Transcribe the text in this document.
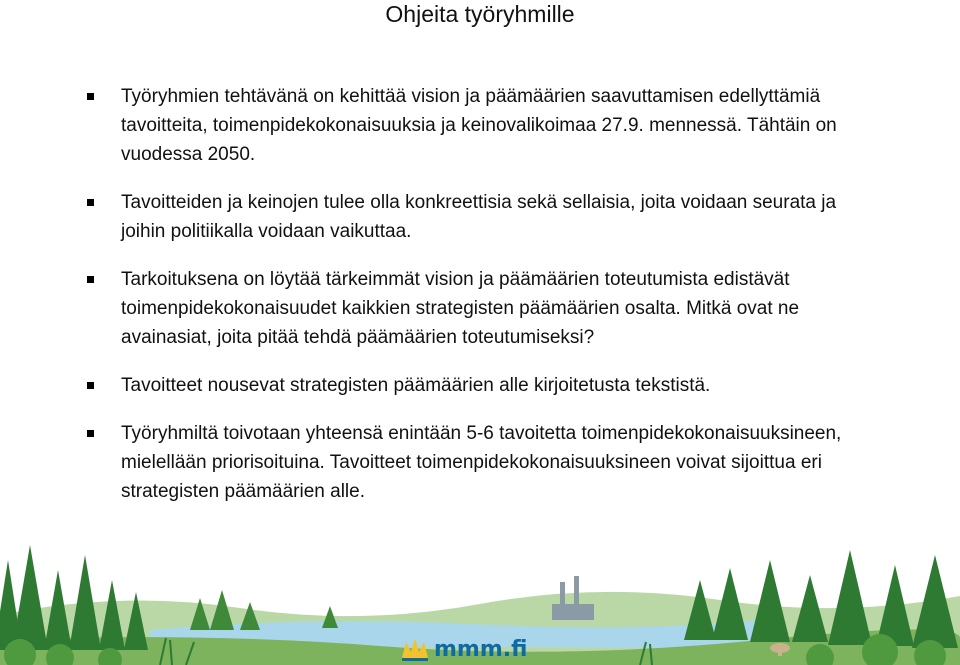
Ohjeita työryhmille
Työryhmien tehtävänä on kehittää vision ja päämäärien saavuttamisen edellyttämiä tavoitteita, toimenpidekokonaisuuksia ja keinovalikoimaa 27.9. mennessä. Tähtäin on vuodessa 2050.
Tavoitteiden ja keinojen tulee olla konkreettisia sekä sellaisia, joita voidaan seurata ja joihin politiikalla voidaan vaikuttaa.
Tarkoituksena on löytää tärkeimmät vision ja päämäärien toteutumista edistävät toimenpidekokonaisuudet kaikkien strategisten päämäärien osalta. Mitkä ovat ne avainasiat, joita pitää tehdä päämäärien toteutumiseksi?
Tavoitteet nousevat strategisten päämäärien alle kirjoitetusta tekstistä.
Työryhmiltä toivotaan yhteensä enintään 5-6 tavoitetta toimenpidekokonaisuuksineen, mielellään priorisoituina. Tavoitteet toimenpidekokonaisuuksineen voivat sijoittua eri strategisten päämäärien alle.
mmm.fi
